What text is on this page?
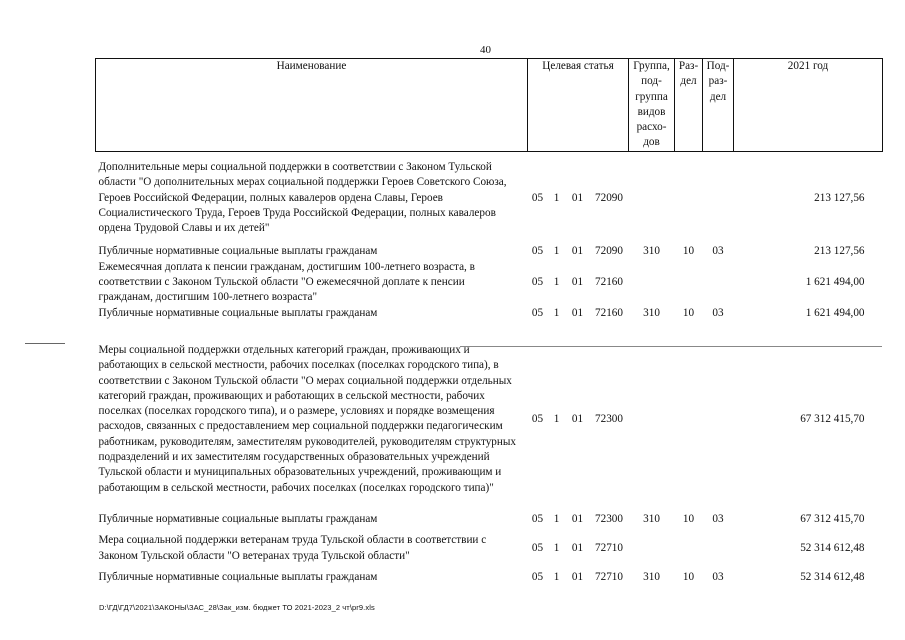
40
Наименование	Целевая статья				Группа, под-группа видов расхо-дов	Раз-дел	Под-раз-дел	2021 год

Дополнительные меры социальной поддержки в соответствии с Законом Тульской области "О дополнительных мерах социальной поддержки Героев Советского Союза, Героев Российской Федерации, полных кавалеров ордена Славы, Героев Социалистического Труда, Героев Труда Российской Федерации, полных кавалеров ордена Трудовой Славы и их детей"	05	1	01	72090				213 127,56

Публичные нормативные социальные выплаты гражданам	05	1	01	72090	310	10	03	213 127,56
Ежемесячная доплата к пенсии гражданам, достигшим 100-летнего возраста, в соответствии с Законом Тульской области "О ежемесячной доплате к пенсии гражданам, достигшим 100-летнего возраста"	05	1	01	72160				1 621 494,00
Публичные нормативные социальные выплаты гражданам	05	1	01	72160	310	10	03	1 621 494,00

Меры социальной поддержки отдельных категорий граждан, проживающих и работающих в сельской местности, рабочих поселках (поселках городского типа), в соответствии с Законом Тульской области "О мерах социальной поддержки отдельных категорий граждан, проживающих и работающих в сельской местности, рабочих поселках (поселках городского типа), и о размере, условиях и порядке возмещения расходов, связанных с предоставлением мер социальной поддержки педагогическим работникам, руководителям, заместителям руководителей, руководителям структурных подразделений и их заместителям государственных образовательных учреждений Тульской области и муниципальных образовательных учреждений, проживающим и работающим в сельской местности, рабочих поселках (поселках городского типа)"	05	1	01	72300				67 312 415,70

Публичные нормативные социальные выплаты гражданам	05	1	01	72300	310	10	03	67 312 415,70

Мера социальной поддержки ветеранам труда Тульской области в соответствии с Законом Тульской области "О ветеранах труда Тульской области"	05	1	01	72710				52 314 612,48

Публичные нормативные социальные выплаты гражданам	05	1	01	72710	310	10	03	52 314 612,48
D:\ГД\ГД7\2021\ЗАКОНЫ\ЗАС_28\Зак_изм. бюджет ТО 2021-2023_2 чт\pr9.xls
